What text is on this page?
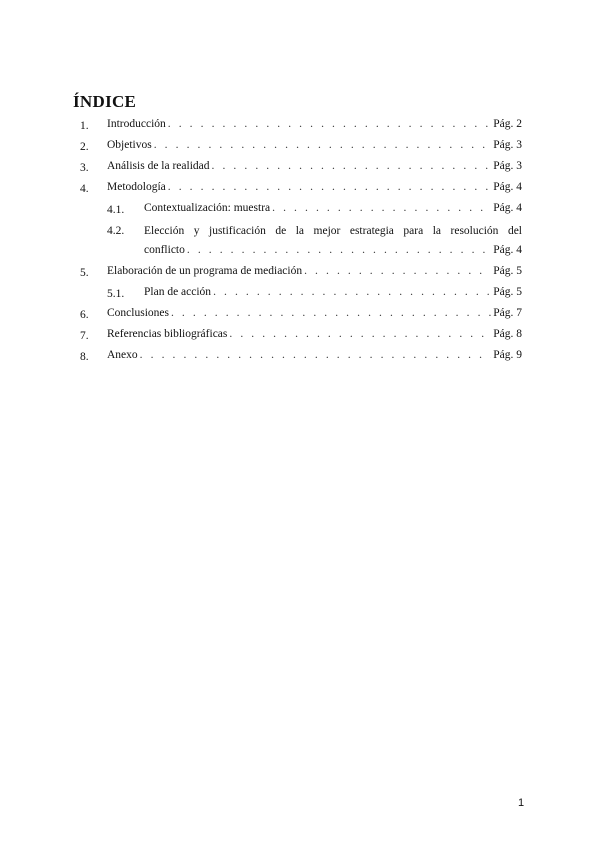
ÍNDICE
1. Introducción . . .	Pág. 2
2. Objetivos . . .	Pág. 3
3. Análisis de la realidad . . .	Pág. 3
4. Metodología . . .	Pág. 4
4.1. Contextualización: muestra . . .	Pág. 4
4.2. Elección y justificación de la mejor estrategia para la resolución del
conflicto . . .	Pág. 4
5. Elaboración de un programa de mediación . . .	Pág. 5
5.1. Plan de acción . . .	Pág. 5
6. Conclusiones . . .	Pág. 7
7. Referencias bibliográficas . . .	Pág. 8
8. Anexo . . .	Pág. 9
1
